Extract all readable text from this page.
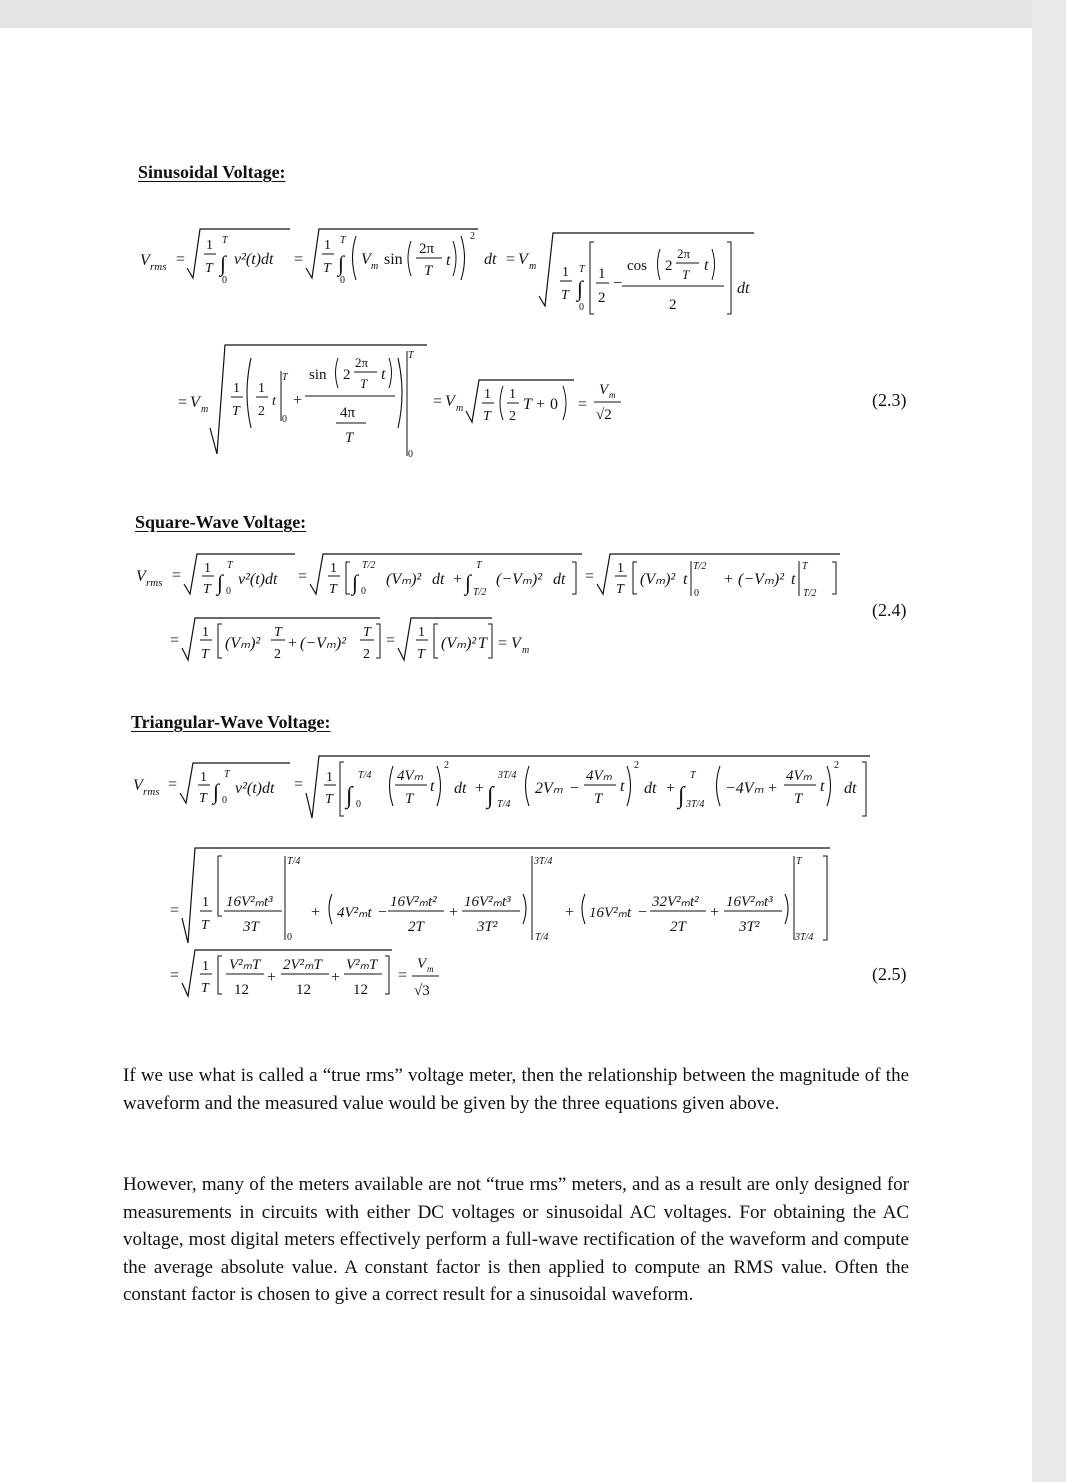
Sinusoidal Voltage:
Square-Wave Voltage:
Triangular-Wave Voltage:
(2.3)
(2.4)
(2.5)
V rms =
1
T ∫
T
0
v²(t)dt =
1
T ∫
T
0
V m sin
2π
T
t
2
dt = V m 1
T ∫
T
0
1
2
−
cos 2
2π
T
t
2
dt
= V m
1
T
1
2
t
T
0
+
sin 2
2π
T
t
4π
T
T
0
= V m
1
T
1
2
T + 0 =
V m
√2
V rms = 1
T ∫
T
0
v²(t)dt = 1
T ∫
T/2
0
(Vₘ)² dt + ∫
T
T/2
(−Vₘ)² dt = 1
T
(Vₘ)² t
T/2
0
+ (−Vₘ)² t
T
T/2
= 1
T
(Vₘ)²
T
2
+ (−Vₘ)²
T
2
= 1
T
(Vₘ)² T = V m
V rms = 1
T ∫
T
0
v²(t)dt = 1
T ∫
T/4
0
4Vₘ
T
t
2
dt + ∫
3T/4
T/4
2Vₘ −
4Vₘ
T
t
2
dt + ∫
T
3T/4
−4Vₘ +
4Vₘ
T
t
2
dt
= 1
T
16V²ₘt³
3T
T/4
0
+ 4V²ₘt −
16V²ₘt²
2T
+
16V²ₘt³
3T²
3T/4
T/4
+ 16V²ₘt −
32V²ₘt²
2T
+
16V²ₘt³
3T²
T
3T/4
=
1
T
V²ₘT
12
+
2V²ₘT
12
+
V²ₘT
12
=
V m
√3

If we use what is called a “true rms” voltage meter, then the relationship between the magnitude of the waveform and the measured value would be given by the three equations given above.

However, many of the meters available are not “true rms” meters, and as a result are only designed for measurements in circuits with either DC voltages or sinusoidal AC voltages. For obtaining the AC voltage, most digital meters effectively perform a full-wave rectification of the waveform and compute the average absolute value. A constant factor is then applied to compute an RMS value. Often the constant factor is chosen to give a correct result for a sinusoidal waveform.
